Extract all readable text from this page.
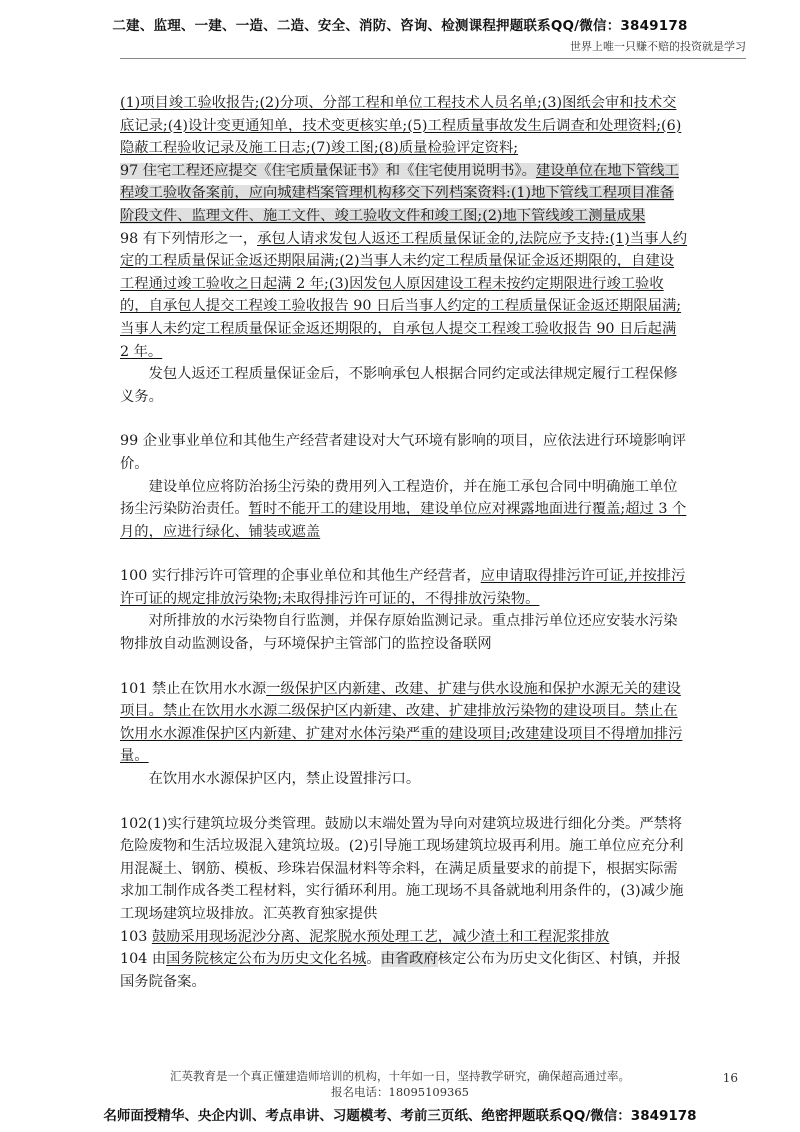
二建、监理、一建、一造、二造、安全、消防、咨询、检测课程押题联系QQ/微信：3849178
世界上唯一只赚不赔的投资就是学习

(1)项目竣工验收报告;(2)分项、分部工程和单位工程技术人员名单;(3)图纸会审和技术交底记录;(4)设计变更通知单，技术变更核实单;(5)工程质量事故发生后调查和处理资料;(6)隐蔽工程验收记录及施工日志;(7)竣工图;(8)质量检验评定资料;

97 住宅工程还应提交《住宅质量保证书》和《住宅使用说明书》。建设单位在地下管线工程竣工验收备案前，应向城建档案管理机构移交下列档案资料:(1)地下管线工程项目准备阶段文件、监理文件、施工文件、竣工验收文件和竣工图;(2)地下管线竣工测量成果

98 有下列情形之一，承包人请求发包人返还工程质量保证金的,法院应予支持:(1)当事人约定的工程质量保证金返还期限届满;(2)当事人未约定工程质量保证金返还期限的，自建设工程通过竣工验收之日起满 2 年;(3)因发包人原因建设工程未按约定期限进行竣工验收的，自承包人提交工程竣工验收报告 90 日后当事人约定的工程质量保证金返还期限届满;当事人未约定工程质量保证金返还期限的，自承包人提交工程竣工验收报告 90 日后起满 2 年。

发包人返还工程质量保证金后，不影响承包人根据合同约定或法律规定履行工程保修义务。

99 企业事业单位和其他生产经营者建设对大气环境有影响的项目，应依法进行环境影响评价。

建设单位应将防治扬尘污染的费用列入工程造价，并在施工承包合同中明确施工单位扬尘污染防治责任。暂时不能开工的建设用地，建设单位应对裸露地面进行覆盖;超过 3 个月的，应进行绿化、铺装或遮盖

100 实行排污许可管理的企事业单位和其他生产经营者，应申请取得排污许可证,并按排污许可证的规定排放污染物;未取得排污许可证的，不得排放污染物。

对所排放的水污染物自行监测，并保存原始监测记录。重点排污单位还应安装水污染物排放自动监测设备，与环境保护主管部门的监控设备联网

101 禁止在饮用水水源一级保护区内新建、改建、扩建与供水设施和保护水源无关的建设项目。禁止在饮用水水源二级保护区内新建、改建、扩建排放污染物的建设项目。禁止在饮用水水源准保护区内新建、扩建对水体污染严重的建设项目;改建建设项目不得增加排污量。

在饮用水水源保护区内，禁止设置排污口。

102(1)实行建筑垃圾分类管理。鼓励以末端处置为导向对建筑垃圾进行细化分类。严禁将危险废物和生活垃圾混入建筑垃圾。(2)引导施工现场建筑垃圾再利用。施工单位应充分利用混凝土、钢筋、模板、珍珠岩保温材料等余料，在满足质量要求的前提下，根据实际需求加工制作成各类工程材料，实行循环利用。施工现场不具备就地利用条件的，(3)减少施工现场建筑垃圾排放。汇英教育独家提供

103 鼓励采用现场泥沙分离、泥浆脱水预处理工艺，减少渣土和工程泥浆排放

104 由国务院核定公布为历史文化名城。由省政府核定公布为历史文化街区、村镇，并报国务院备案。

汇英教育是一个真正懂建造师培训的机构，十年如一日，坚持教学研究，确保超高通过率。
报名电话：18095109365
16
名师面授精华、央企内训、考点串讲、习题模考、考前三页纸、绝密押题联系QQ/微信：3849178
